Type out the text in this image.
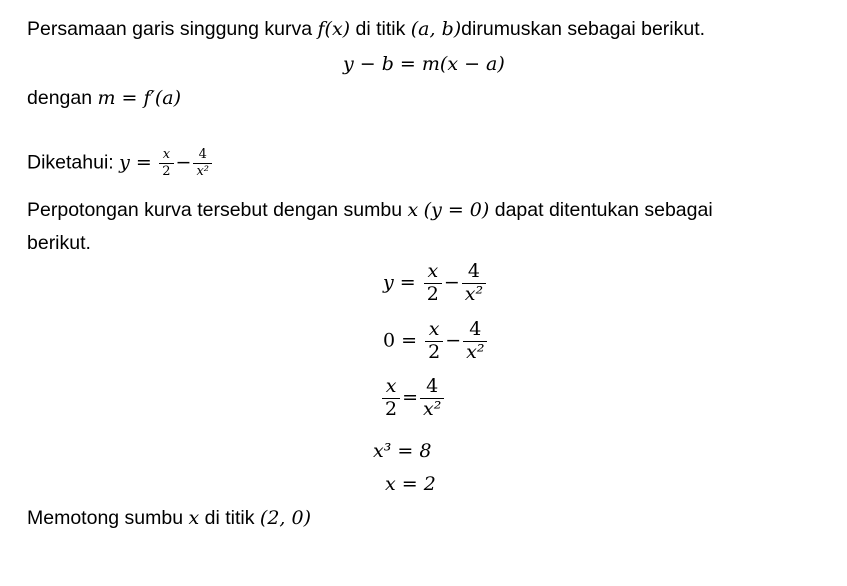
Persamaan garis singgung kurva f(x) di titik (a, b)dirumuskan sebagai berikut.
y − b = m(x − a)
dengan m = f′(a)
Diketahui: $y = \frac{x}{2} - \frac{4}{\text{x²}}$
Perpotongan kurva tersebut dengan sumbu x (y = 0) dapat ditentukan sebagai
berikut.
$y = \frac{x}{2} - \frac{4}{\text{x²}}$
$0 = \frac{x}{2} - \frac{4}{\text{x²}}$
$\frac{x}{2} = \frac{4}{\text{x²}}$
x³ = 8
x = 2
Memotong sumbu x di titik (2, 0)
